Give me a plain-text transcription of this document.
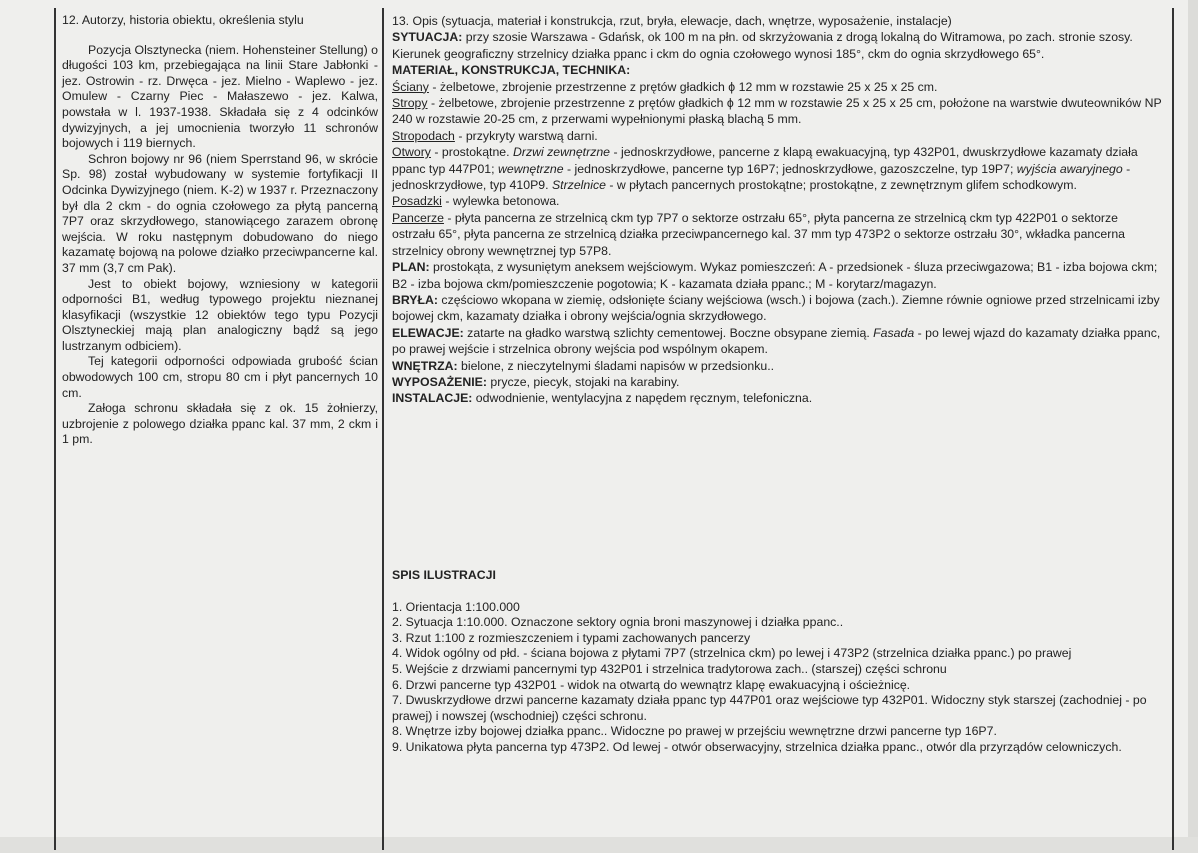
12. Autorzy, historia obiektu, określenia stylu

Pozycja Olsztynecka (niem. Hohensteiner Stellung) o długości 103 km, przebiegająca na linii Stare Jabłonki - jez. Ostrowin - rz. Drwęca - jez. Mielno - Waplewo - jez. Omulew - Czarny Piec - Małaszewo - jez. Kalwa, powstała w l. 1937-1938. Składała się z 4 odcinków dywizyjnych, a jej umocnienia tworzyło 11 schronów bojowych i 119 biernych.

Schron bojowy nr 96 (niem Sperrstand 96, w skrócie Sp. 98) został wybudowany w systemie fortyfikacji II Odcinka Dywizyjnego (niem. K-2) w 1937 r. Przeznaczony był dla 2 ckm - do ognia czołowego za płytą pancerną 7P7 oraz skrzydłowego, stanowiącego zarazem obronę wejścia. W roku następnym dobudowano do niego kazamatę bojową na polowe działko przeciwpancerne kal. 37 mm (3,7 cm Pak).

Jest to obiekt bojowy, wzniesiony w kategorii odporności B1, według typowego projektu nieznanej klasyfikacji (wszystkie 12 obiektów tego typu Pozycji Olsztyneckiej mają plan analogiczny bądź są jego lustrzanym odbiciem).

Tej kategorii odporności odpowiada grubość ścian obwodowych 100 cm, stropu 80 cm i płyt pancernych 10 cm.

Załoga schronu składała się z ok. 15 żołnierzy, uzbrojenie z polowego działka ppanc kal. 37 mm, 2 ckm i 1 pm.

13. Opis (sytuacja, materiał i konstrukcja, rzut, bryła, elewacje, dach, wnętrze, wyposażenie, instalacje)

SYTUACJA: przy szosie Warszawa - Gdańsk, ok 100 m na płn. od skrzyżowania z drogą lokalną do Witramowa, po zach. stronie szosy. Kierunek geograficzny strzelnicy działka ppanc i ckm do ognia czołowego wynosi 185°, ckm do ognia skrzydłowego 65°.

MATERIAŁ, KONSTRUKCJA, TECHNIKA:

Ściany - żelbetowe, zbrojenie przestrzenne z prętów gładkich ϕ 12 mm w rozstawie 25 x 25 x 25 cm.

Stropy - żelbetowe, zbrojenie przestrzenne z prętów gładkich ϕ 12 mm w rozstawie 25 x 25 x 25 cm, położone na warstwie dwuteowników NP 240 w rozstawie 20-25 cm, z przerwami wypełnionymi płaską blachą 5 mm.

Stropodach - przykryty warstwą darni.

Otwory - prostokątne. Drzwi zewnętrzne - jednoskrzydłowe, pancerne z klapą ewakuacyjną, typ 432P01, dwuskrzydłowe kazamaty działa ppanc typ 447P01; wewnętrzne - jednoskrzydłowe, pancerne typ 16P7; jednoskrzydłowe, gazoszczelne, typ 19P7; wyjścia awaryjnego - jednoskrzydłowe, typ 410P9. Strzelnice - w płytach pancernych prostokątne; prostokątne, z zewnętrznym glifem schodkowym.

Posadzki - wylewka betonowa.

Pancerze - płyta pancerna ze strzelnicą ckm typ 7P7 o sektorze ostrzału 65°, płyta pancerna ze strzelnicą ckm typ 422P01 o sektorze ostrzału 65°, płyta pancerna ze strzelnicą działka przeciwpancernego kal. 37 mm typ 473P2 o sektorze ostrzału 30°, wkładka pancerna strzelnicy obrony wewnętrznej typ 57P8.

PLAN: prostokąta, z wysuniętym aneksem wejściowym. Wykaz pomieszczeń: A - przedsionek - śluza przeciwgazowa; B1 - izba bojowa ckm; B2 - izba bojowa ckm/pomieszczenie pogotowia; K - kazamata działa ppanc.; M - korytarz/magazyn.

BRYŁA: częściowo wkopana w ziemię, odsłonięte ściany wejściowa (wsch.) i bojowa (zach.). Ziemne równie ogniowe przed strzelnicami izby bojowej ckm, kazamaty działka i obrony wejścia/ognia skrzydłowego.

ELEWACJE: zatarte na gładko warstwą szlichty cementowej. Boczne obsypane ziemią. Fasada - po lewej wjazd do kazamaty działka ppanc, po prawej wejście i strzelnica obrony wejścia pod wspólnym okapem.

WNĘTRZA: bielone, z nieczytelnymi śladami napisów w przedsionku..

WYPOSAŻENIE: prycze, piecyk, stojaki na karabiny.

INSTALACJE: odwodnienie, wentylacyjna z napędem ręcznym, telefoniczna.

SPIS ILUSTRACJI
1. Orientacja 1:100.000
2. Sytuacja 1:10.000. Oznaczone sektory ognia broni maszynowej i działka ppanc..
3. Rzut 1:100 z rozmieszczeniem i typami zachowanych pancerzy
4. Widok ogólny od płd. - ściana bojowa z płytami 7P7 (strzelnica ckm) po lewej i 473P2 (strzelnica działka ppanc.) po prawej
5. Wejście z drzwiami pancernymi typ 432P01 i strzelnica tradytorowa zach.. (starszej) części schronu
6. Drzwi pancerne typ 432P01 - widok na otwartą do wewnątrz klapę ewakuacyjną i ościeżnicę.
7. Dwuskrzydłowe drzwi pancerne kazamaty działa ppanc typ 447P01 oraz wejściowe typ 432P01. Widoczny styk starszej (zachodniej - po prawej) i nowszej (wschodniej) części schronu.
8. Wnętrze izby bojowej działka ppanc.. Widoczne po prawej w przejściu wewnętrzne drzwi pancerne typ 16P7.
9. Unikatowa płyta pancerna typ 473P2. Od lewej - otwór obserwacyjny, strzelnica działka ppanc., otwór dla przyrządów celowniczych.
